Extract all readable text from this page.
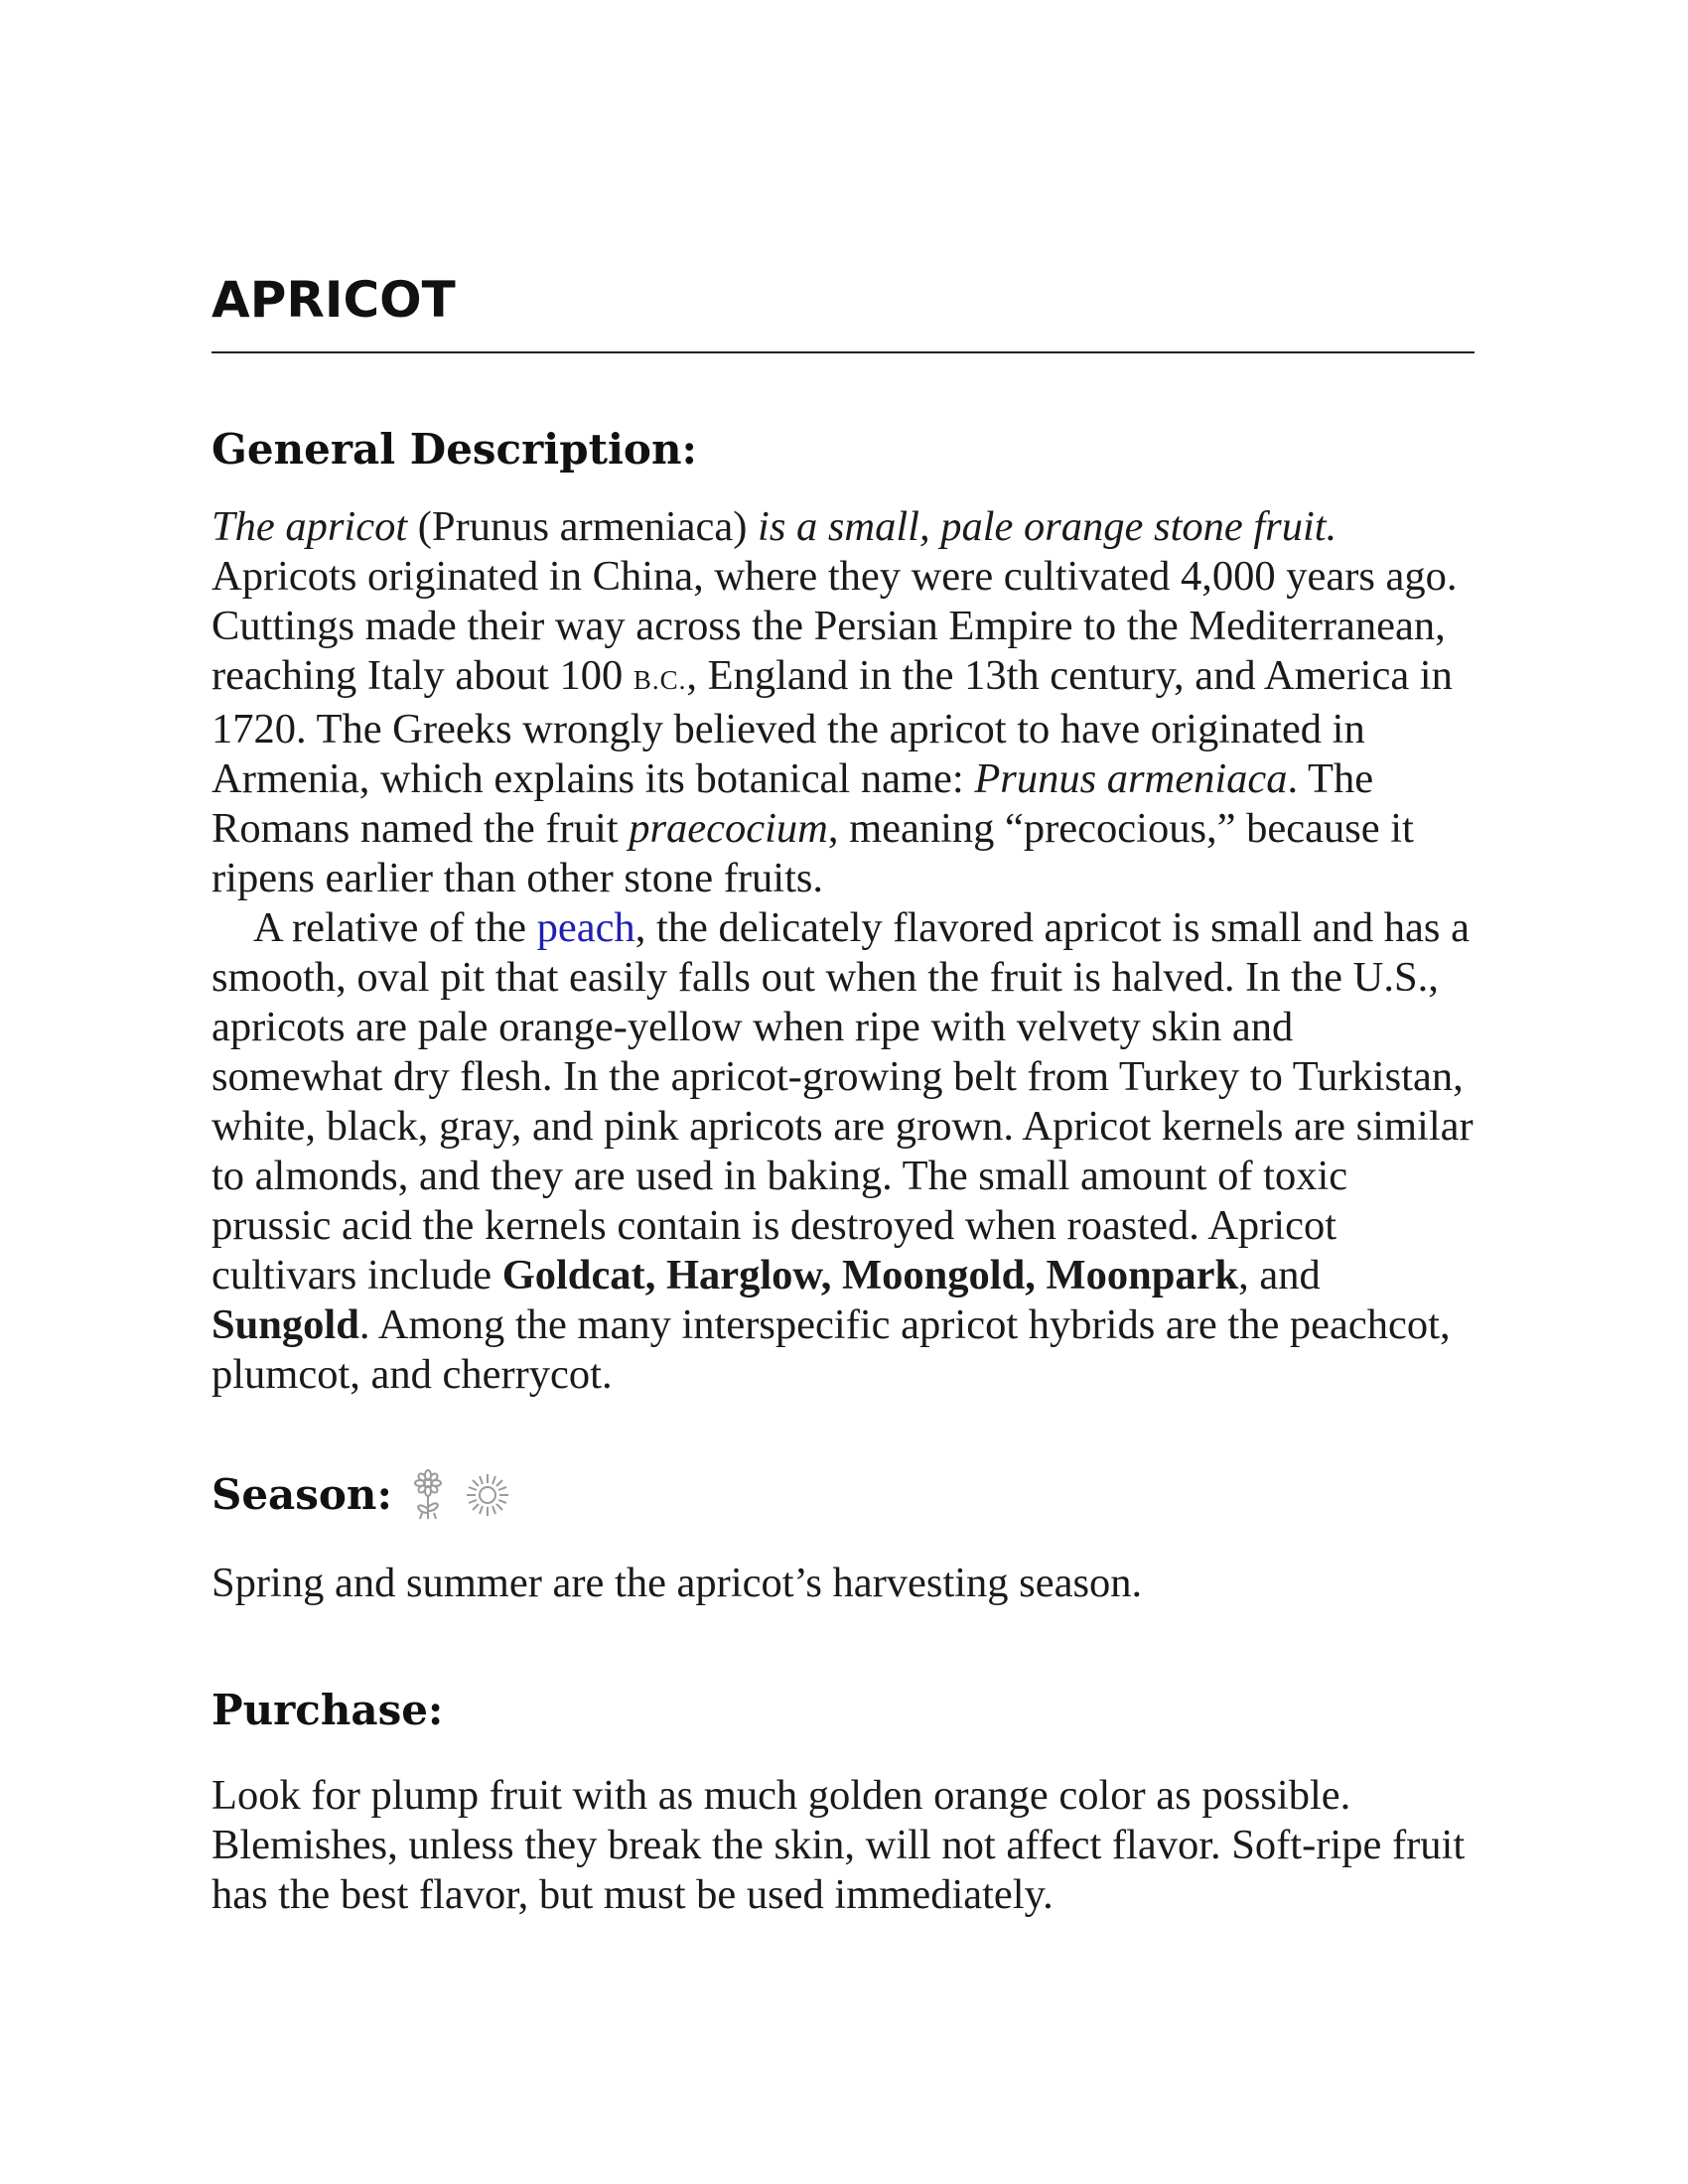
APRICOT
General Description:

The apricot (Prunus armeniaca) is a small, pale orange stone fruit. Apricots originated in China, where they were cultivated 4,000 years ago. Cuttings made their way across the Persian Empire to the Mediterranean, reaching Italy about 100 B.C., England in the 13th century, and America in 1720. The Greeks wrongly believed the apricot to have originated in Armenia, which explains its botanical name: Prunus armeniaca. The Romans named the fruit praecocium, meaning “precocious,” because it ripens earlier than other stone fruits.

A relative of the peach, the delicately flavored apricot is small and has a smooth, oval pit that easily falls out when the fruit is halved. In the U.S., apricots are pale orange-yellow when ripe with velvety skin and somewhat dry flesh. In the apricot-growing belt from Turkey to Turkistan, white, black, gray, and pink apricots are grown. Apricot kernels are similar to almonds, and they are used in baking. The small amount of toxic prussic acid the kernels contain is destroyed when roasted. Apricot cultivars include Goldcat, Harglow, Moongold, Moonpark, and Sungold. Among the many interspecific apricot hybrids are the peachcot, plumcot, and cherrycot.

Season:

Spring and summer are the apricot’s harvesting season.

Purchase:

Look for plump fruit with as much golden orange color as possible. Blemishes, unless they break the skin, will not affect flavor. Soft-ripe fruit has the best flavor, but must be used immediately.
